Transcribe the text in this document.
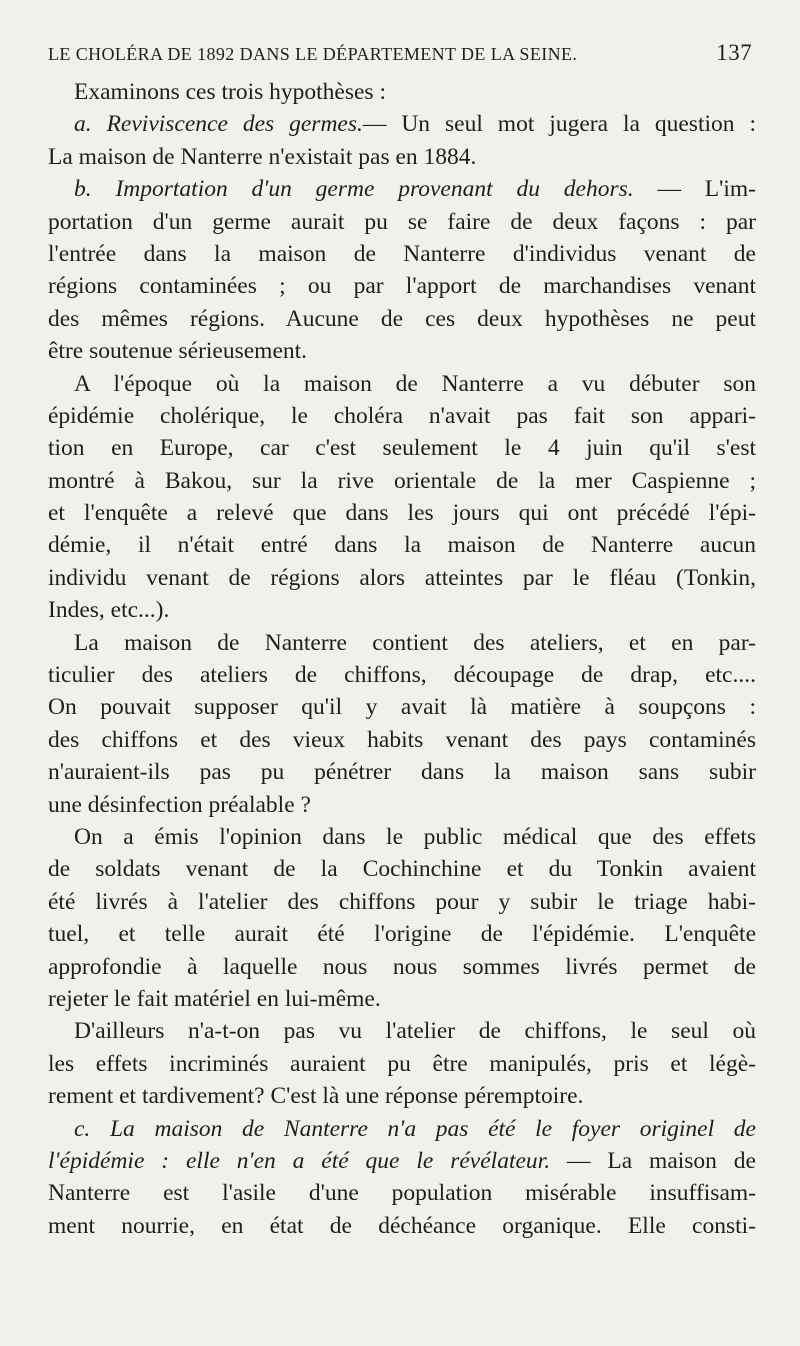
LE CHOLÉRA DE 1892 DANS LE DÉPARTEMENT DE LA SEINE.	137
Examinons ces trois hypothèses :
a. Reviviscence des germes.— Un seul mot jugera la question :
La maison de Nanterre n'existait pas en 1884.
b. Importation d'un germe provenant du dehors. — L'im-
portation d'un germe aurait pu se faire de deux façons : par
l'entrée dans la maison de Nanterre d'individus venant de
régions contaminées ; ou par l'apport de marchandises venant
des mêmes régions. Aucune de ces deux hypothèses ne peut
être soutenue sérieusement.
A l'époque où la maison de Nanterre a vu débuter son
épidémie cholérique, le choléra n'avait pas fait son appari-
tion en Europe, car c'est seulement le 4 juin qu'il s'est
montré à Bakou, sur la rive orientale de la mer Caspienne ;
et l'enquête a relevé que dans les jours qui ont précédé l'épi-
démie, il n'était entré dans la maison de Nanterre aucun
individu venant de régions alors atteintes par le fléau (Tonkin,
Indes, etc...).
La maison de Nanterre contient des ateliers, et en par-
ticulier des ateliers de chiffons, découpage de drap, etc....
On pouvait supposer qu'il y avait là matière à soupçons :
des chiffons et des vieux habits venant des pays contaminés
n'auraient-ils pas pu pénétrer dans la maison sans subir
une désinfection préalable ?
On a émis l'opinion dans le public médical que des effets
de soldats venant de la Cochinchine et du Tonkin avaient
été livrés à l'atelier des chiffons pour y subir le triage habi-
tuel, et telle aurait été l'origine de l'épidémie. L'enquête
approfondie à laquelle nous nous sommes livrés permet de
rejeter le fait matériel en lui-même.
D'ailleurs n'a-t-on pas vu l'atelier de chiffons, le seul où
les effets incriminés auraient pu être manipulés, pris et légè-
rement et tardivement? C'est là une réponse péremptoire.
c. La maison de Nanterre n'a pas été le foyer originel de
l'épidémie : elle n'en a été que le révélateur. — La maison de
Nanterre est l'asile d'une population misérable insuffisam-
ment nourrie, en état de déchéance organique. Elle consti-
